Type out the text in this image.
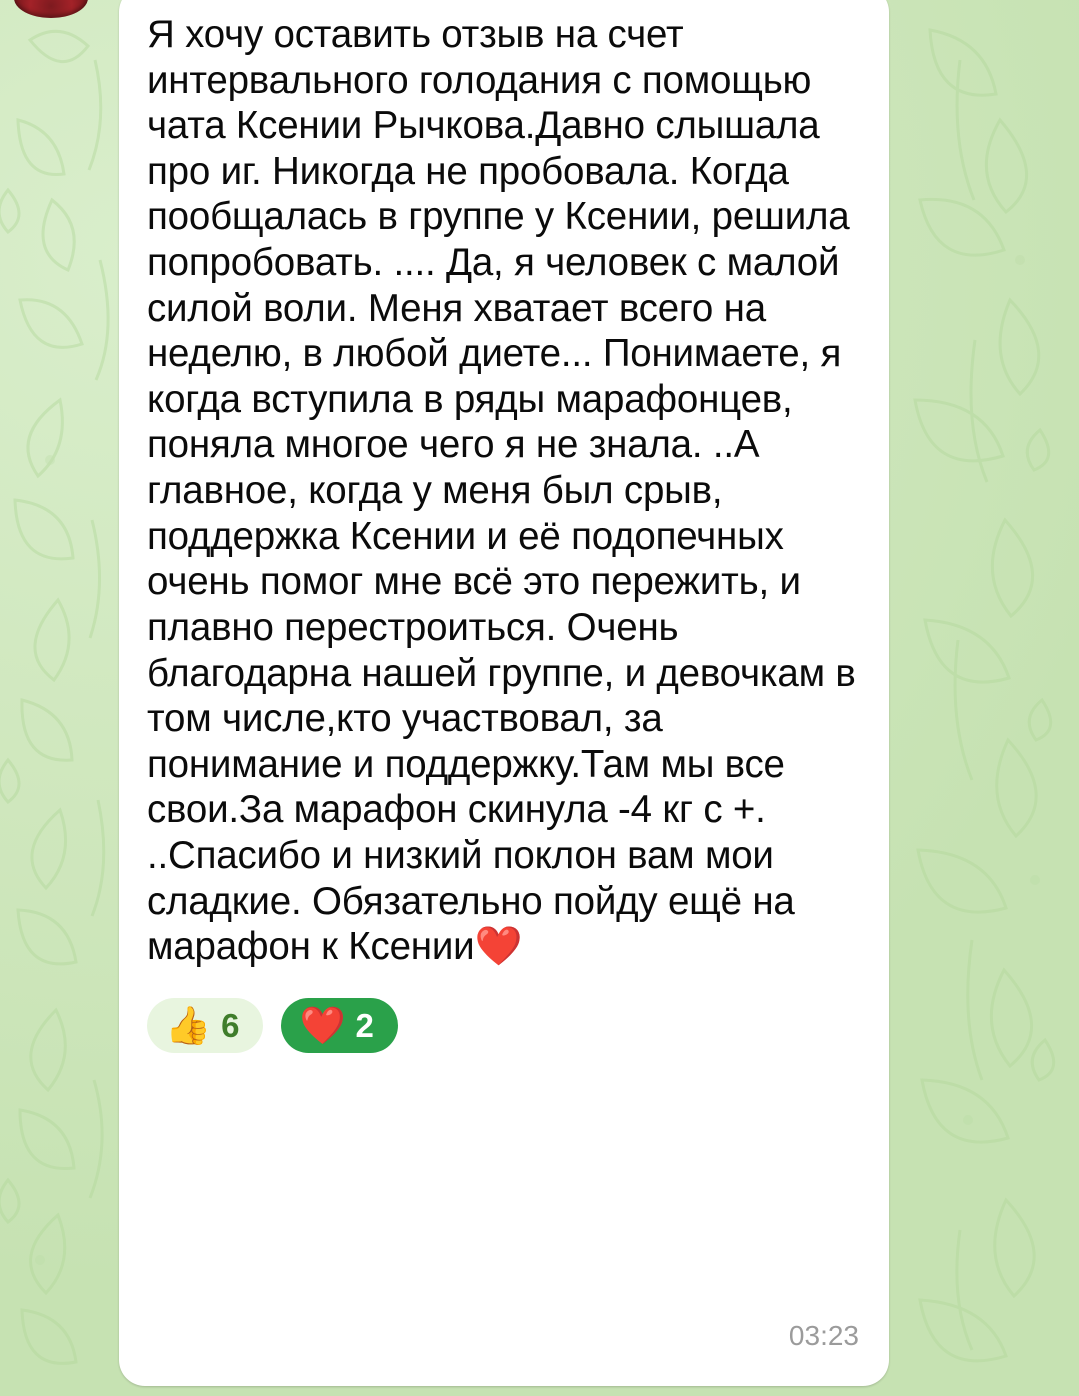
Я хочу оставить отзыв на счет интервального голодания с помощью чата Ксении Рычкова.Давно слышала про иг. Никогда не пробовала. Когда пообщалась в группе у Ксении, решила попробовать. .... Да, я человек с малой силой воли. Меня хватает всего на неделю, в любой диете... Понимаете, я когда вступила в ряды марафонцев, поняла многое чего я не знала. ..А главное, когда у меня был срыв, поддержка Ксении и её подопечных очень помог мне всё это пережить, и плавно перестроиться. Очень благодарна нашей группе, и девочкам в том числе,кто участвовал, за понимание и поддержку.Там мы все свои.За марафон скинула -4 кг с +. ..Спасибо и низкий поклон вам мои сладкие. Обязательно пойду ещё на марафон к Ксении❤️
👍 6 ❤️ 2
03:23
